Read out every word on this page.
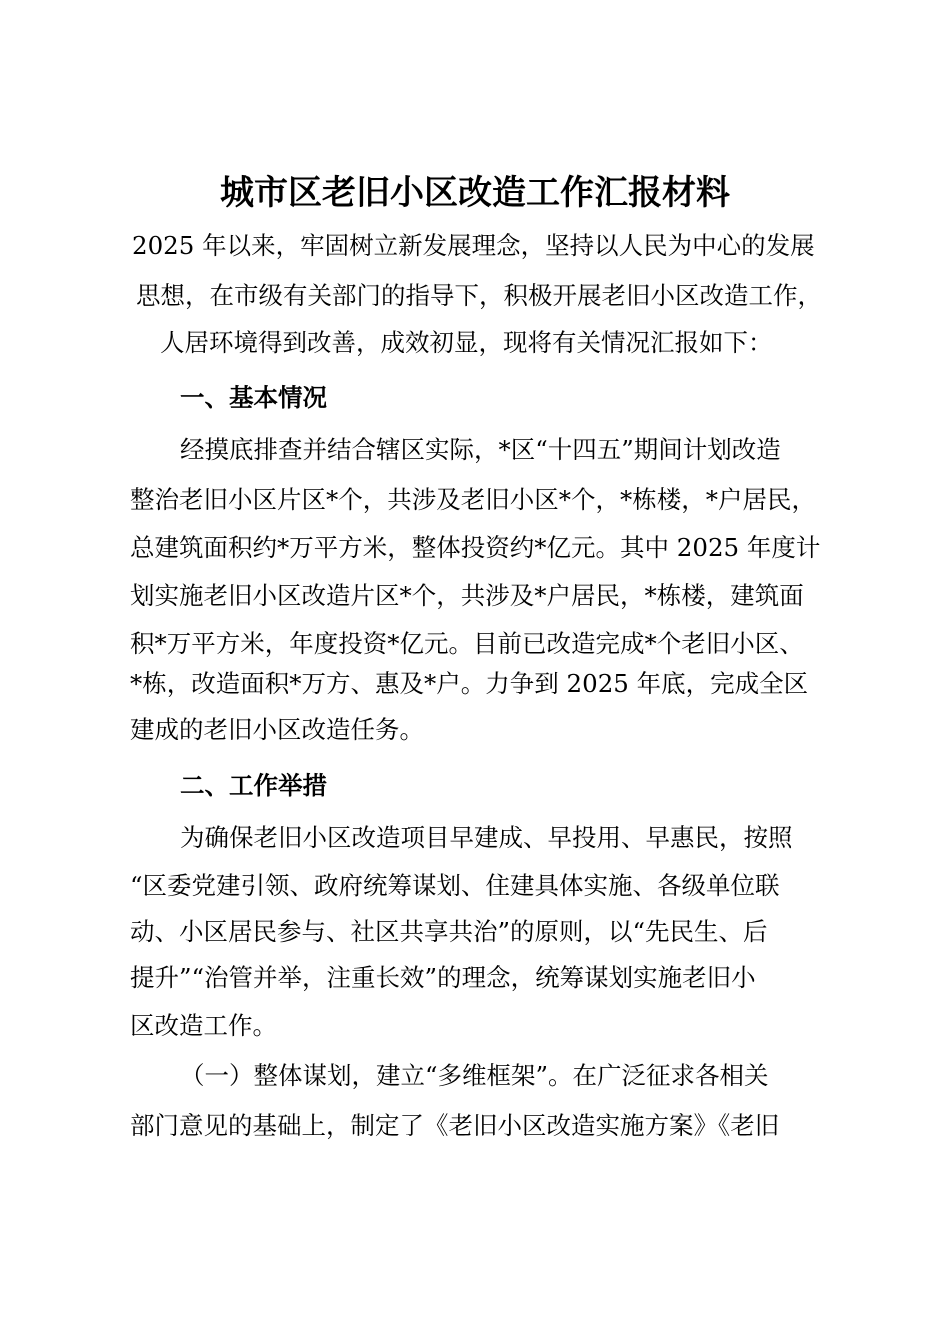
城市区老旧小区改造工作汇报材料
2025 年以来，牢固树立新发展理念，坚持以人民为中心的发展
思想，在市级有关部门的指导下，积极开展老旧小区改造工作，
人居环境得到改善，成效初显，现将有关情况汇报如下：
一、基本情况
经摸底排查并结合辖区实际，*区“十四五”期间计划改造
整治老旧小区片区*个，共涉及老旧小区*个，*栋楼，*户居民，
总建筑面积约*万平方米，整体投资约*亿元。其中 2025 年度计
划实施老旧小区改造片区*个，共涉及*户居民，*栋楼，建筑面
积*万平方米，年度投资*亿元。目前已改造完成*个老旧小区、
*栋，改造面积*万方、惠及*户。力争到 2025 年底，完成全区
建成的老旧小区改造任务。
二、工作举措
为确保老旧小区改造项目早建成、早投用、早惠民，按照
“区委党建引领、政府统筹谋划、住建具体实施、各级单位联
动、小区居民参与、社区共享共治”的原则，以“先民生、后
提升”“治管并举，注重长效”的理念，统筹谋划实施老旧小
区改造工作。
（一）整体谋划，建立“多维框架”。在广泛征求各相关
部门意见的基础上，制定了《老旧小区改造实施方案》《老旧
